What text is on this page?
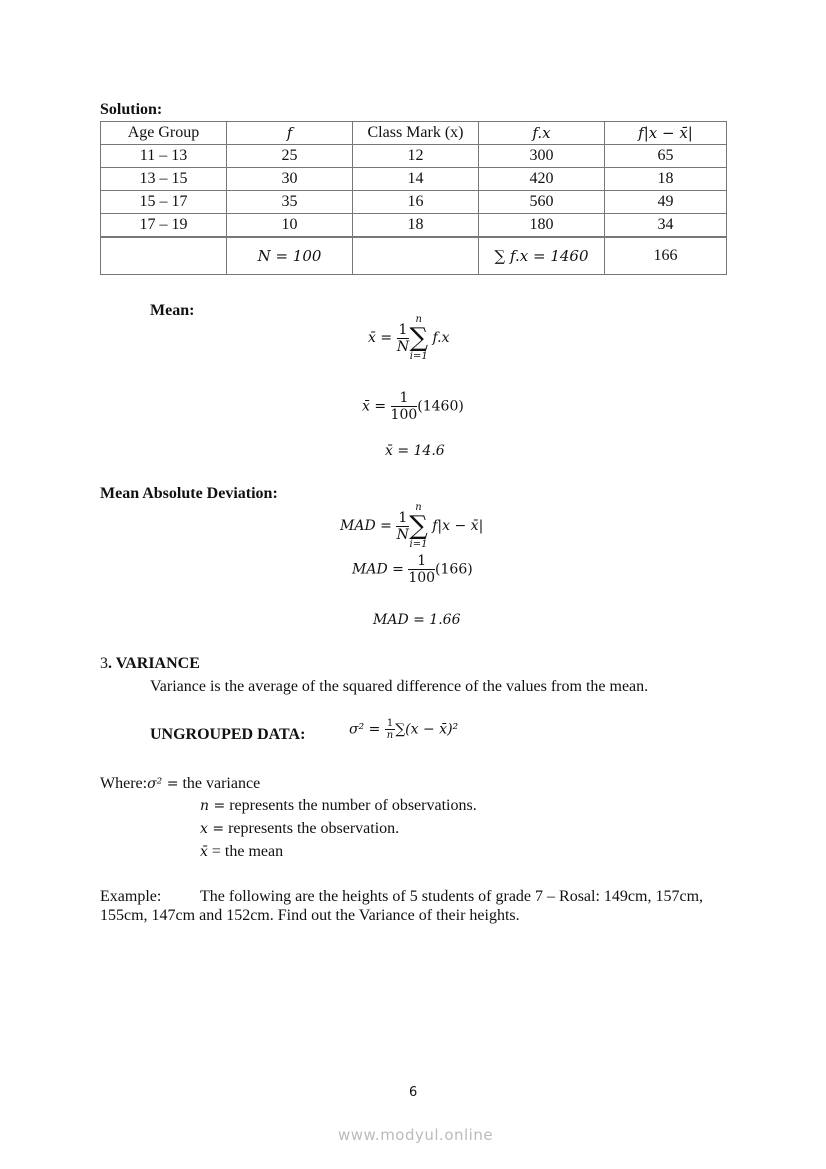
Solution:
Age Group	f	Class Mark (x)	f.x	f|x − x̄|
11 – 13	25	12	300	65
13 – 15	30	14	420	18
15 – 17	35	16	560	49
17 – 19	10	18	180	34
	N = 100		∑ f.x = 1460	166
Mean:
x̄ = $\frac{1}{N}$
n
∑
i=1
f.x
x̄ = $\frac{1}{100} (1460)$
x̄ = 14.6
Mean Absolute Deviation:
MAD = $\frac{1}{N}$
n
∑
i=1
f|x − x̄|
MAD = $\frac{1}{100} (166)$
MAD = 1.66
3. VARIANCE
Variance is the average of the squared difference of the values from the mean.
UNGROUPED DATA:	$\sigma^2 = \frac{1}{n} \sum(x$ − x̄)²
Where:σ² = the variance
n = represents the number of observations.
x = represents the observation.
x̄ = the mean
Example: The following are the heights of 5 students of grade 7 – Rosal: 149cm, 157cm,
155cm, 147cm and 152cm. Find out the Variance of their heights.
6
www.modyul.online
